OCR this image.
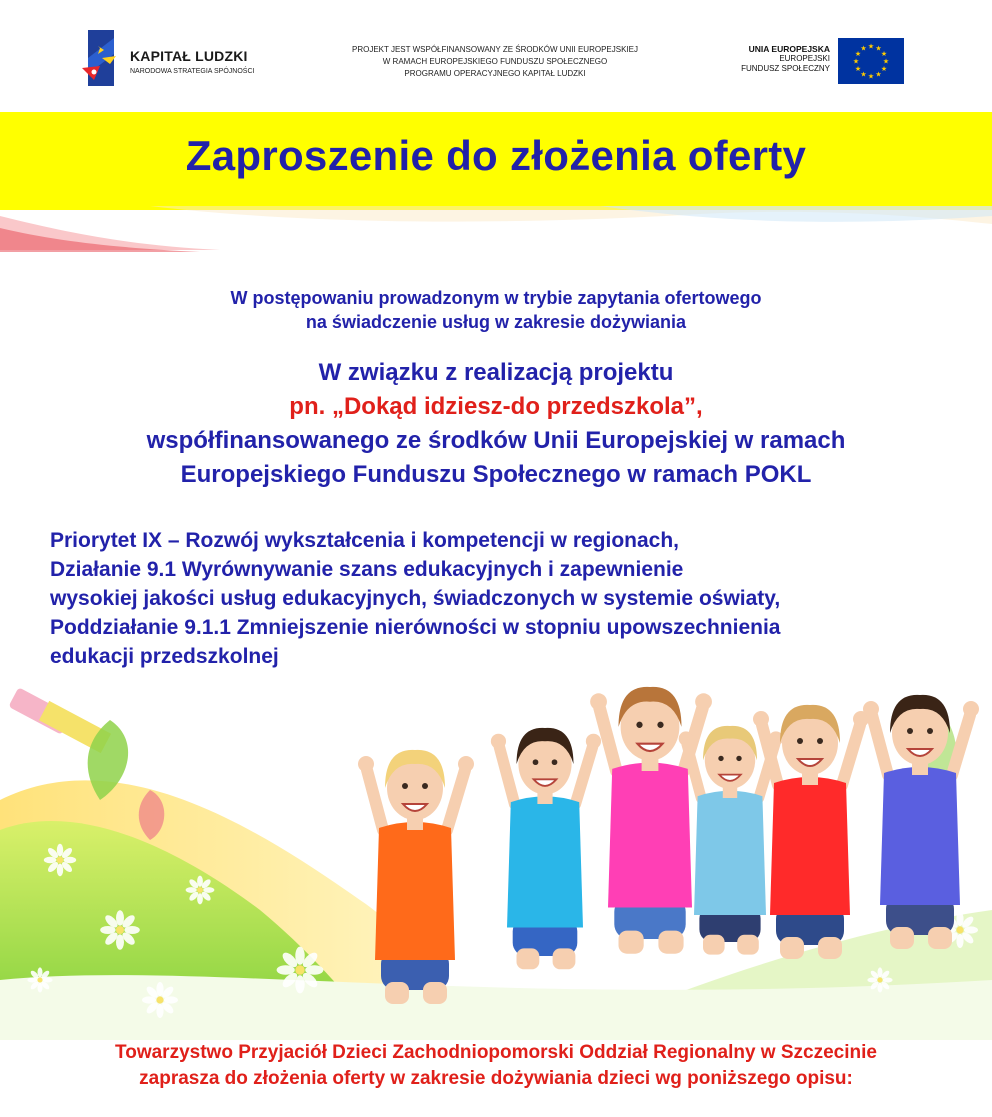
KAPITAŁ LUDZKI
NARODOWA STRATEGIA SPÓJNOŚCI
PROJEKT JEST WSPÓŁFINANSOWANY ZE ŚRODKÓW UNII EUROPEJSKIEJ
W RAMACH EUROPEJSKIEGO FUNDUSZU SPOŁECZNEGO
PROGRAMU OPERACYJNEGO KAPITAŁ LUDZKI
UNIA EUROPEJSKA
EUROPEJSKI
FUNDUSZ SPOŁECZNY
★ ★
★
★
★
★
★
★
★
★
★
★
Zaproszenie do złożenia oferty
W postępowaniu prowadzonym w trybie zapytania ofertowego
na świadczenie usług w zakresie dożywiania
W związku z realizacją projektu
pn. „Dokąd idziesz-do przedszkola”,
współfinansowanego ze środków Unii Europejskiej w ramach
Europejskiego Funduszu Społecznego w ramach POKL
Priorytet IX – Rozwój wykształcenia i kompetencji w regionach,
Działanie 9.1 Wyrównywanie szans edukacyjnych i zapewnienie
wysokiej jakości usług edukacyjnych, świadczonych w systemie oświaty,
Poddziałanie 9.1.1 Zmniejszenie nierówności w stopniu upowszechnienia
edukacji przedszkolnej
Towarzystwo Przyjaciół Dzieci Zachodniopomorski Oddział Regionalny w Szczecinie
zaprasza do złożenia oferty w zakresie dożywiania dzieci wg poniższego opisu:
